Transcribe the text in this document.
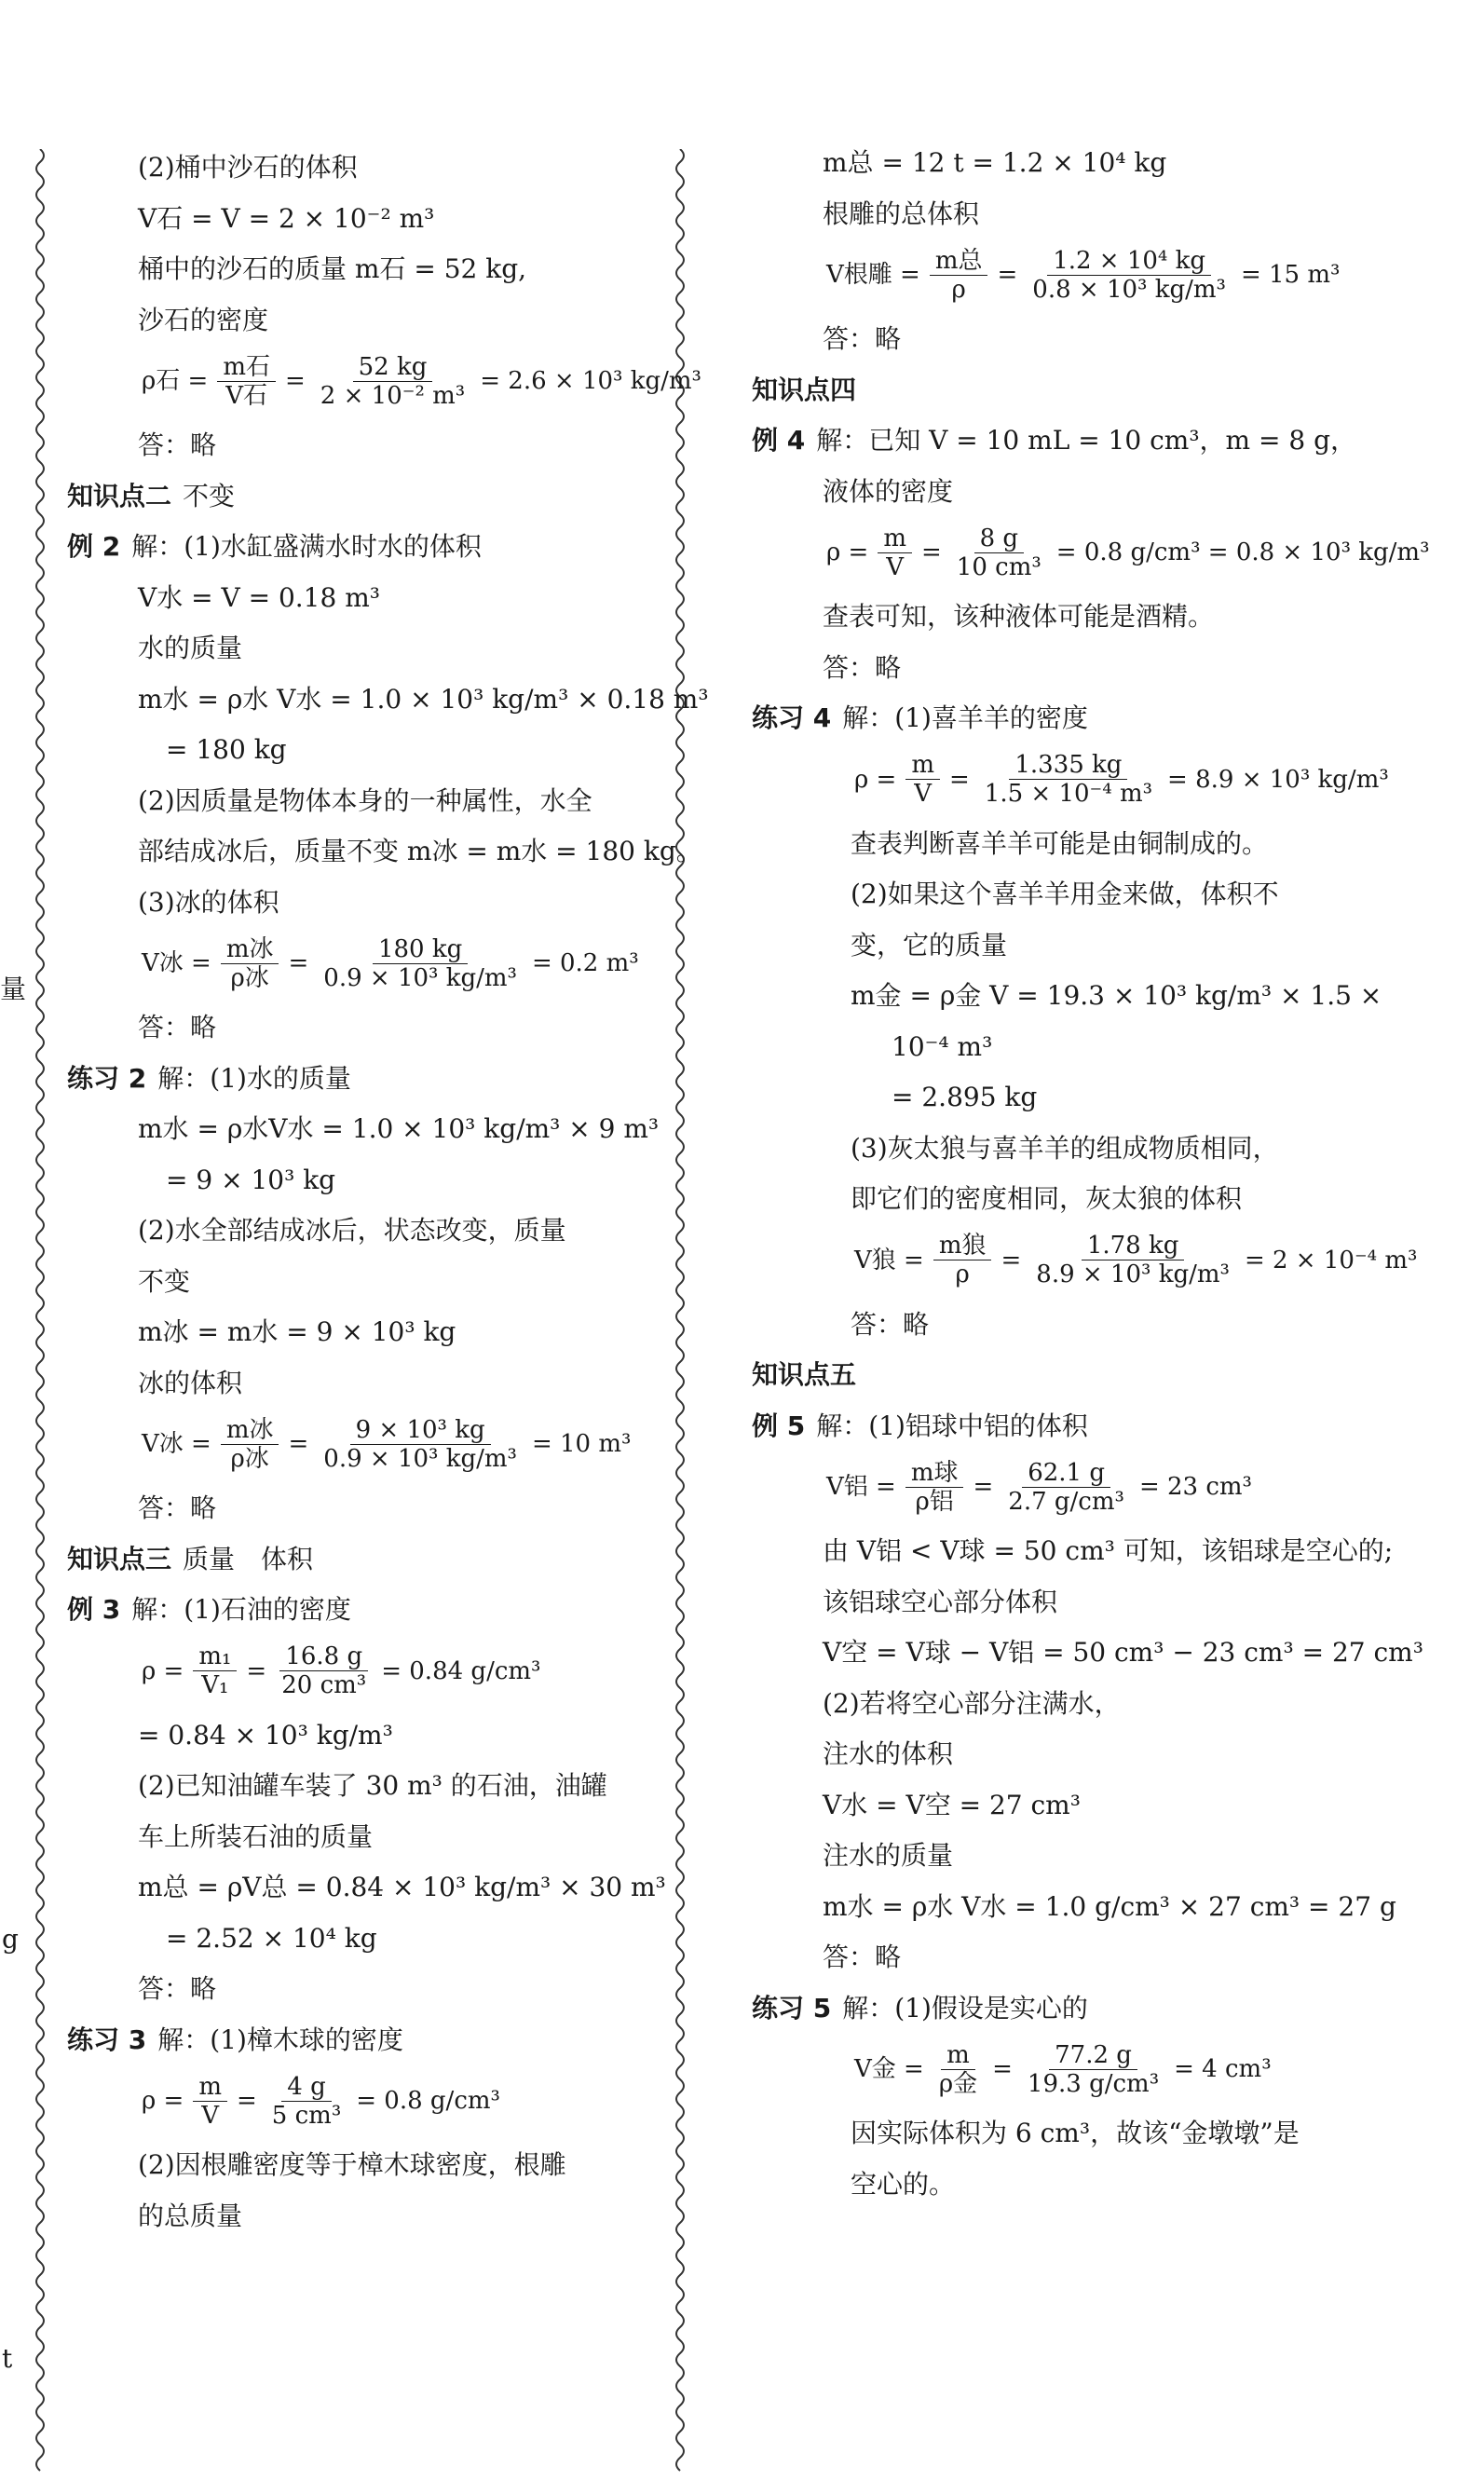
量
g
t
(2)桶中沙石的体积
V石 = V = 2 × 10⁻² m³
桶中的沙石的质量 m石 = 52 kg,
沙石的密度
ρ石 = $\frac{\text{m石}}{\text{V石}} = \frac{52 kg}{\text{2 × 10⁻² m³}} = 2.6 \times 10^3$ kg/m³
答：略
知识点二 不变
例 2 解：(1)水缸盛满水时水的体积
V水 = V = 0.18 m³
水的质量
m水 = ρ水 V水 = 1.0 × 10³ kg/m³ × 0.18 m³
= 180 kg
(2)因质量是物体本身的一种属性，水全
部结成冰后，质量不变 m冰 = m水 = 180 kg。
(3)冰的体积
V冰 = $\frac{\text{m冰}}{\text{ρ冰}} = \frac{180 kg}{\text{0.9 × 10³ kg/m³}} = 0.2$ m³
答：略
练习 2 解：(1)水的质量
m水 = ρ水V水 = 1.0 × 10³ kg/m³ × 9 m³
= 9 × 10³ kg
(2)水全部结成冰后，状态改变，质量
不变
m冰 = m水 = 9 × 10³ kg
冰的体积
V冰 = $\frac{\text{m冰}}{\text{ρ冰}} = \frac{\text{9 × 10³ kg}}{\text{0.9 × 10³ kg/m³}} = 10$ m³
答：略
知识点三 质量　体积
例 3 解：(1)石油的密度
$\rho = \frac{\text{m₁}}{\text{V₁}} = \frac{16.8 g}{\text{20 cm³}} = 0.84$ g/cm³
= 0.84 × 10³ kg/m³
(2)已知油罐车装了 30 m³ 的石油，油罐
车上所装石油的质量
m总 = ρV总 = 0.84 × 10³ kg/m³ × 30 m³
= 2.52 × 10⁴ kg
答：略
练习 3 解：(1)樟木球的密度
$\rho = \frac{m}{V} = \frac{4 g}{\text{5 cm³}} = 0.8$ g/cm³
(2)因根雕密度等于樟木球密度，根雕
的总质量
m总 = 12 t = 1.2 × 10⁴ kg
根雕的总体积
V根雕 = $\frac{\text{m总}}{\rho} = \frac{\text{1.2 × 10⁴ kg}}{\text{0.8 × 10³ kg/m³}} = 15$ m³
答：略
知识点四
例 4 解：已知 V = 10 mL = 10 cm³，m = 8 g，
液体的密度
$\rho = \frac{m}{V} = \frac{8 g}{\text{10 cm³}} = 0.8$ g/cm³ = 0.8 × 10³ kg/m³
查表可知，该种液体可能是酒精。
答：略
练习 4 解：(1)喜羊羊的密度
$\rho = \frac{m}{V} = \frac{1.335 kg}{\text{1.5 × 10⁻⁴ m³}} = 8.9 \times 10^3$ kg/m³
查表判断喜羊羊可能是由铜制成的。
(2)如果这个喜羊羊用金来做，体积不
变，它的质量
m金 = ρ金 V = 19.3 × 10³ kg/m³ × 1.5 ×
10⁻⁴ m³
= 2.895 kg
(3)灰太狼与喜羊羊的组成物质相同，
即它们的密度相同，灰太狼的体积
V狼 = $\frac{\text{m狼}}{\rho} = \frac{1.78 kg}{\text{8.9 × 10³ kg/m³}} = 2 \times 10^{-4}$ m³
答：略
知识点五
例 5 解：(1)铝球中铝的体积
V铝 = $\frac{\text{m球}}{\text{ρ铝}} = \frac{62.1 g}{\text{2.7 g/cm³}} = 23$ cm³
由 V铝 < V球 = 50 cm³ 可知，该铝球是空心的;
该铝球空心部分体积
V空 = V球 − V铝 = 50 cm³ − 23 cm³ = 27 cm³
(2)若将空心部分注满水，
注水的体积
V水 = V空 = 27 cm³
注水的质量
m水 = ρ水 V水 = 1.0 g/cm³ × 27 cm³ = 27 g
答：略
练习 5 解：(1)假设是实心的
V金 = $\frac{m}{\text{ρ金}} = \frac{77.2 g}{\text{19.3 g/cm³}} = 4$ cm³
因实际体积为 6 cm³，故该“金墩墩”是
空心的。
